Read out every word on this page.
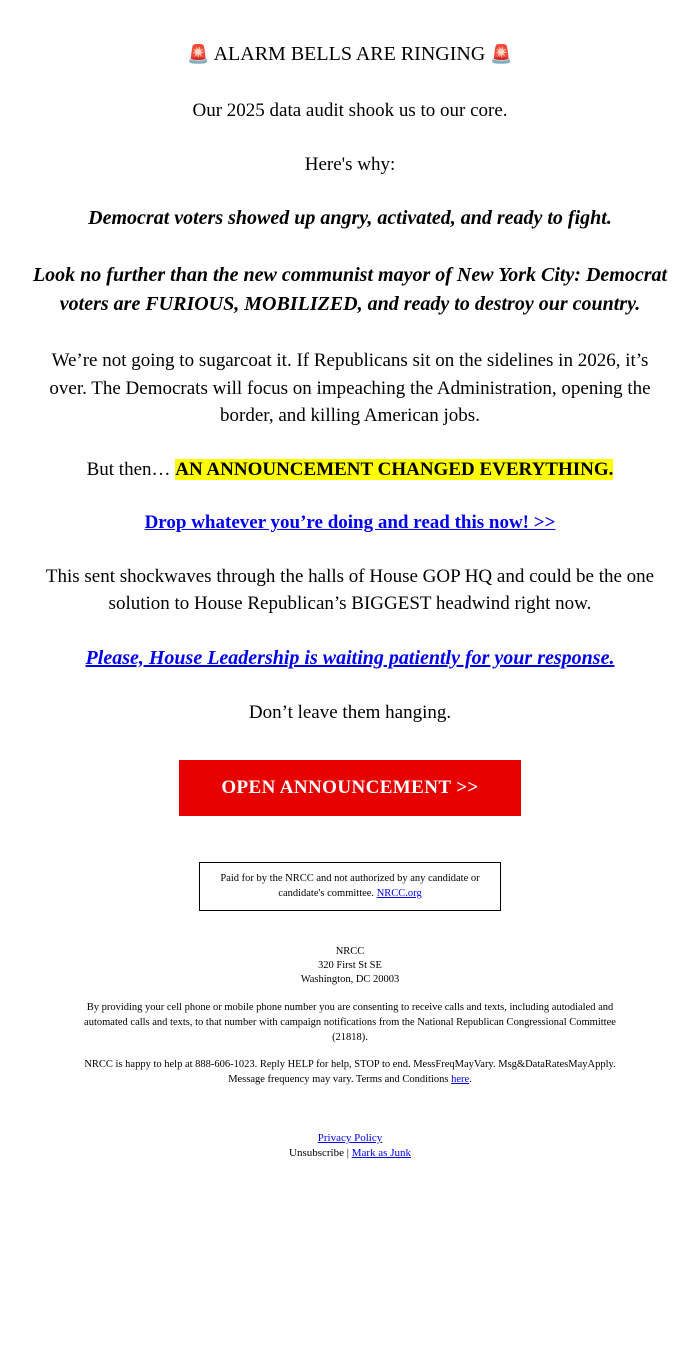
🚨 ALARM BELLS ARE RINGING 🚨

Our 2025 data audit shook us to our core.

Here's why:

Democrat voters showed up angry, activated, and ready to fight.

Look no further than the new communist mayor of New York City: Democrat voters are FURIOUS, MOBILIZED, and ready to destroy our country.

We’re not going to sugarcoat it. If Republicans sit on the sidelines in 2026, it’s over. The Democrats will focus on impeaching the Administration, opening the border, and killing American jobs.

But then… AN ANNOUNCEMENT CHANGED EVERYTHING.

Drop whatever you’re doing and read this now! >>

This sent shockwaves through the halls of House GOP HQ and could be the one solution to House Republican’s BIGGEST headwind right now.

Please, House Leadership is waiting patiently for your response.

Don’t leave them hanging.

OPEN ANNOUNCEMENT >>
Paid for by the NRCC and not authorized by any candidate or candidate's committee. NRCC.org
NRCC
320 First St SE
Washington, DC 20003
By providing your cell phone or mobile phone number you are consenting to receive calls and texts, including autodialed and automated calls and texts, to that number with campaign notifications from the National Republican Congressional Committee (21818).
NRCC is happy to help at 888-606-1023. Reply HELP for help, STOP to end. MessFreqMayVary. Msg&DataRatesMayApply. Message frequency may vary. Terms and Conditions here.
Privacy Policy
Unsubscribe | Mark as Junk
